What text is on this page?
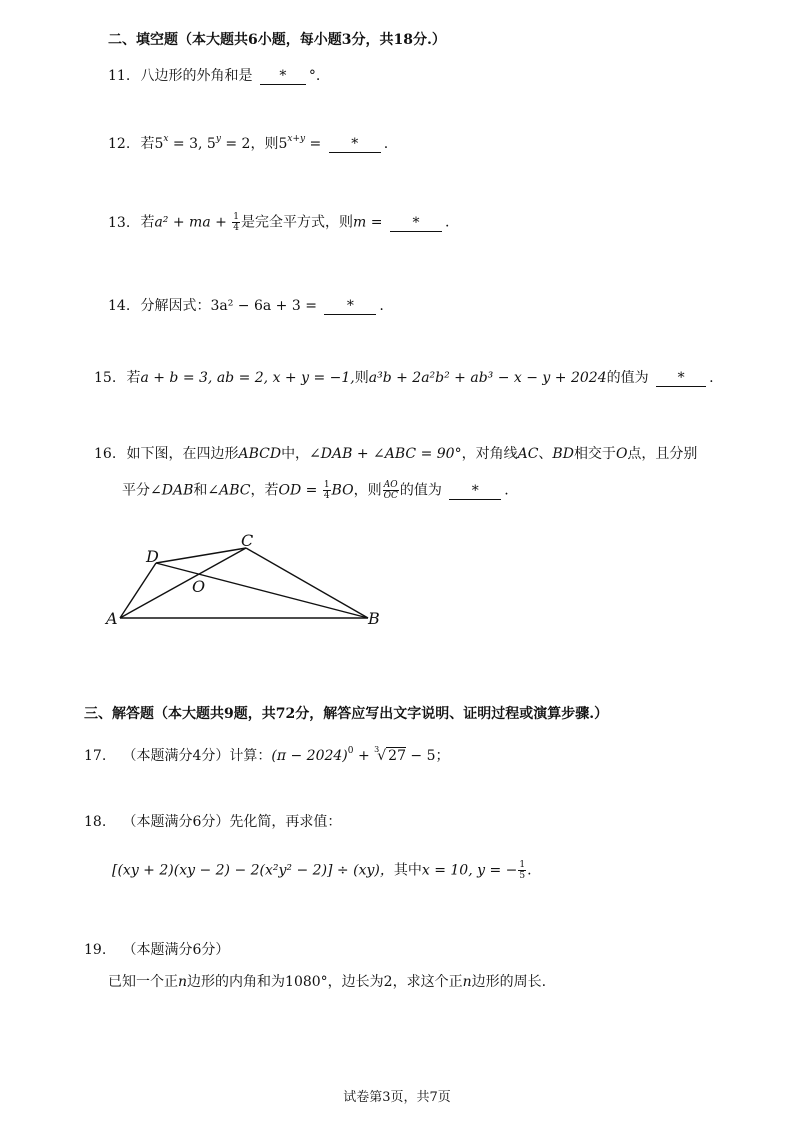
二、填空题（本大题共6小题，每小题3分，共18分.）
11. 八边形的外角和是 * °.
12. 若$5^x = 3$, $5^y = 2$，则$5^{x+y}$ = * .
13. 若a² + ma + $\frac{1}{4}$ 是完全平方式，则m = * .
14. 分解因式：3a² − 6a + 3 = * .
15. 若a + b = 3, ab = 2, x + y = −1,则a³b + 2a²b² + ab³ − x − y + 2024的值为 * .
16. 如下图，在四边形ABCD中，∠DAB + ∠ABC = 90°，对角线AC、BD相交于O点，且分别
平分∠DAB和∠ABC，若OD = $\frac{1}{4}$ BO，则 $\frac{AO}{OC}$ 的值为 * .
D
C
O
A	B
三、解答题（本大题共9题，共72分，解答应写出文字说明、证明过程或演算步骤.）
17. （本题满分4分）计算：$(\pi - 2024)^0 + ^3√$ 27 − 5；
18. （本题满分6分）先化简，再求值：
[(xy + 2)(xy − 2) − 2(x²y² − 2)] ÷ (xy)，其中x = 10, y = − $\frac{1}{5}$ .
19. （本题满分6分）
已知一个正n边形的内角和为1080°，边长为2，求这个正n边形的周长.
试卷第3页，共7页
